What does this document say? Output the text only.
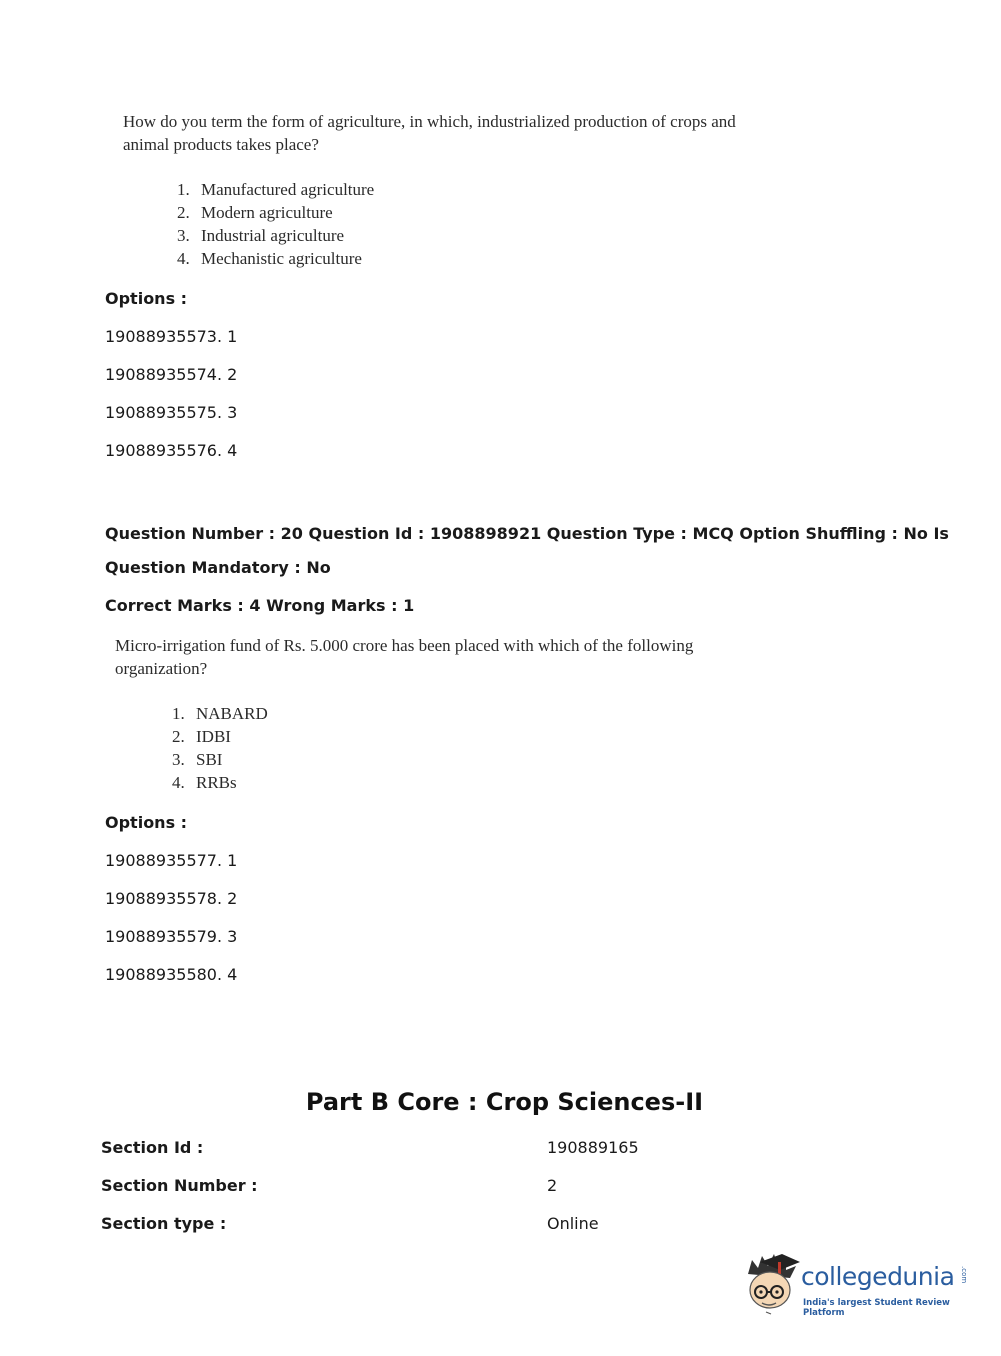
How do you term the form of agriculture, in which, industrialized production of crops and animal products takes place?
1. Manufactured agriculture
2. Modern agriculture
3. Industrial agriculture
4. Mechanistic agriculture
Options :
19088935573. 1
19088935574. 2
19088935575. 3
19088935576. 4
Question Number : 20 Question Id : 1908898921 Question Type : MCQ Option Shuffling : No Is
Question Mandatory : No
Correct Marks : 4 Wrong Marks : 1
Micro-irrigation fund of Rs. 5.000 crore has been placed with which of the following organization?
1. NABARD
2. IDBI
3. SBI
4. RRBs
Options :
19088935577. 1
19088935578. 2
19088935579. 3
19088935580. 4
Part B Core : Crop Sciences-II
Section Id :	190889165
Section Number :	2
Section type :	Online
collegedunia .com
India's largest Student Review Platform
